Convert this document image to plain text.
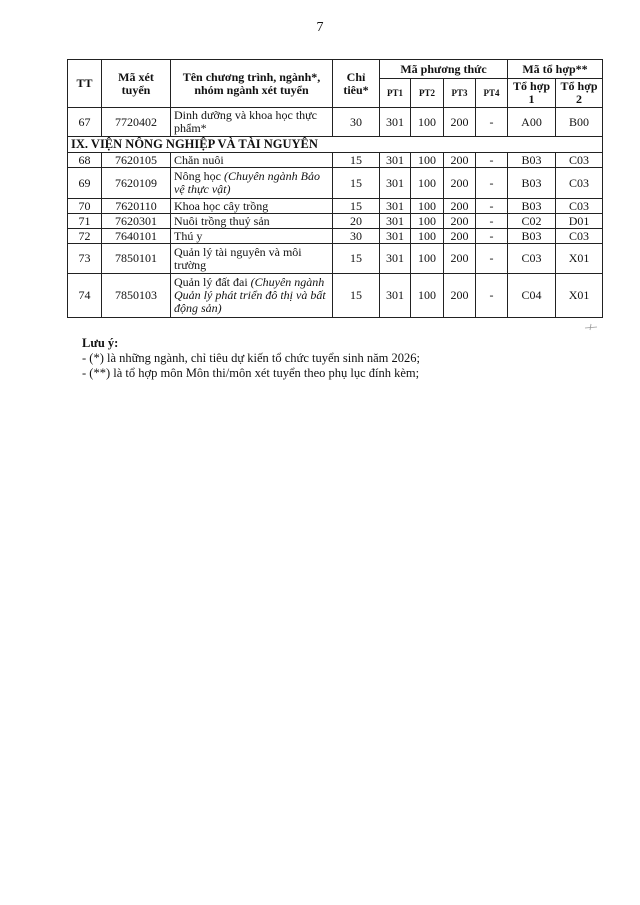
7
TT	Mã xét tuyển	Tên chương trình, ngành*, nhóm ngành xét tuyển	Chỉ tiêu*	Mã phương thức				Mã tổ hợp**	
				PT1	PT2	PT3	PT4	Tổ hợp 1	Tổ hợp 2
67	7720402	Dinh dưỡng và khoa học thực phẩm*	30	301	100	200	-	A00	B00
IX. VIỆN NÔNG NGHIỆP VÀ TÀI NGUYÊN									
68	7620105	Chăn nuôi	15	301	100	200	-	B03	C03
69	7620109	Nông học (Chuyên ngành Bảo vệ thực vật)	15	301	100	200	-	B03	C03
70	7620110	Khoa học cây trồng	15	301	100	200	-	B03	C03
71	7620301	Nuôi trồng thuỷ sản	20	301	100	200	-	C02	D01
72	7640101	Thú y	30	301	100	200	-	B03	C03
73	7850101	Quản lý tài nguyên và môi trường	15	301	100	200	-	C03	X01
74	7850103	Quản lý đất đai (Chuyên ngành Quản lý phát triển đô thị và bất động sản)	15	301	100	200	-	C04	X01
Lưu ý:
- (*) là những ngành, chỉ tiêu dự kiến tổ chức tuyển sinh năm 2026;
- (**) là tổ hợp môn Môn thi/môn xét tuyển theo phụ lục đính kèm;
